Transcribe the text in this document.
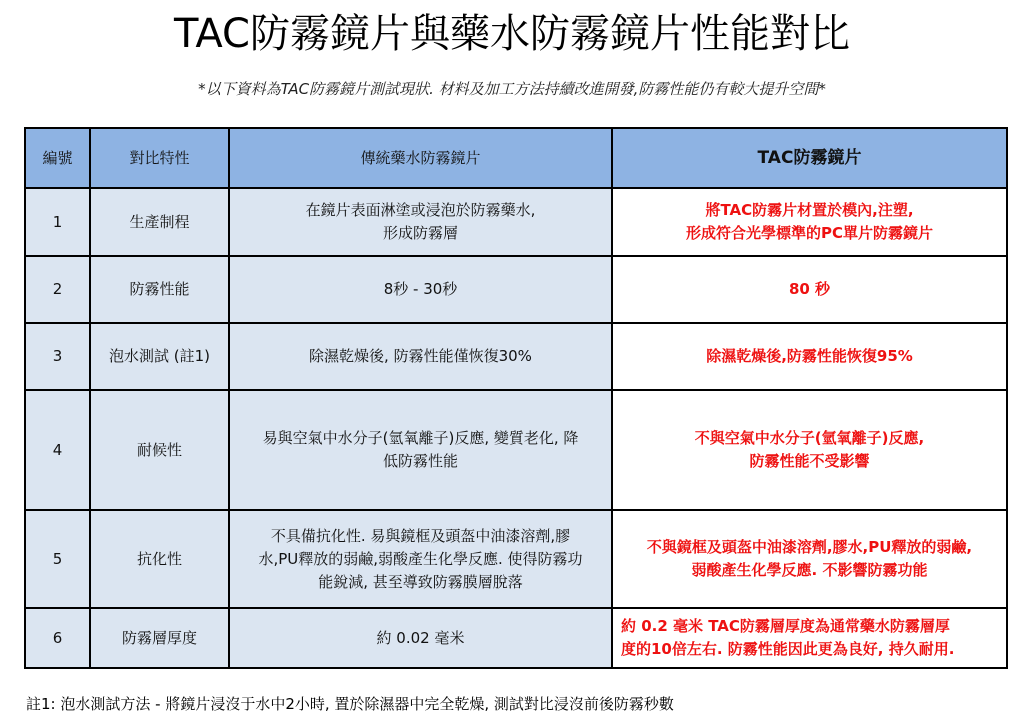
TAC防霧鏡片與藥水防霧鏡片性能對比
*以下資料為TAC防霧鏡片測試現狀. 材料及加工方法持續改進開發,防霧性能仍有較大提升空間*
編號	對比特性	傳統藥水防霧鏡片	TAC防霧鏡片
1	生產制程	在鏡片表面淋塗或浸泡於防霧藥水,
形成防霧層	將TAC防霧片材置於模內,注塑,
形成符合光學標準的PC單片防霧鏡片
2	防霧性能	8秒 - 30秒	80 秒
3	泡水測試 (註1)	除濕乾燥後, 防霧性能僅恢復30%	除濕乾燥後,防霧性能恢復95%
4	耐候性	易與空氣中水分子(氫氧離子)反應, 變質老化, 降
低防霧性能	不與空氣中水分子(氫氧離子)反應,
防霧性能不受影響
5	抗化性	不具備抗化性. 易與鏡框及頭盔中油漆溶劑,膠
水,PU釋放的弱鹼,弱酸產生化學反應. 使得防霧功
能銳減, 甚至導致防霧膜層脫落	不與鏡框及頭盔中油漆溶劑,膠水,PU釋放的弱鹼,
弱酸產生化學反應. 不影響防霧功能
6	防霧層厚度	約 0.02 毫米	約 0.2 毫米 TAC防霧層厚度為通常藥水防霧層厚
度的10倍左右. 防霧性能因此更為良好, 持久耐用.
註1: 泡水測試方法 - 將鏡片浸沒于水中2小時, 置於除濕器中完全乾燥, 測試對比浸沒前後防霧秒數
